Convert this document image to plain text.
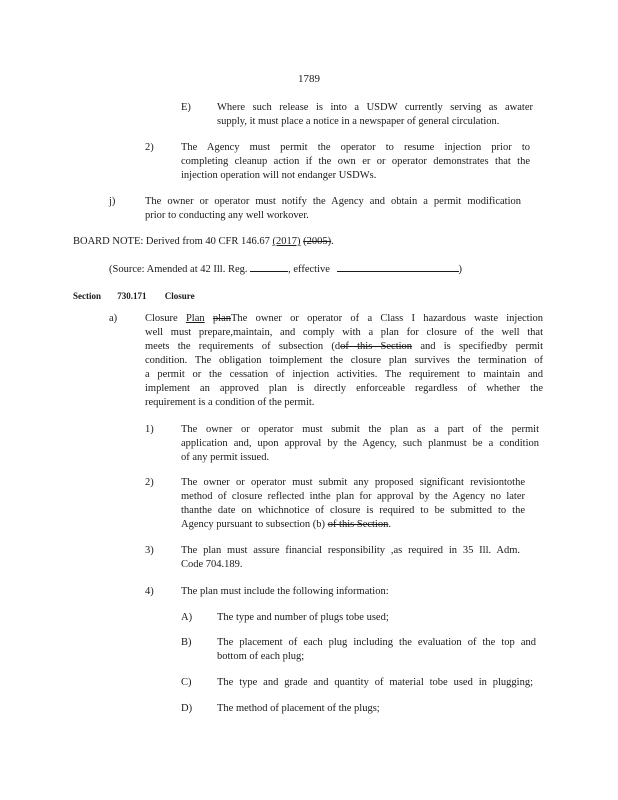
1789
E) Where such release is into a USDW currently serving as awater
supply, it must place a notice in a newspaper of general circulation.
2)	The Agency must permit the operator to resume injection prior to
completing cleanup action if the own er or operator demonstrates that the
injection operation will not endanger USDWs.
j)	The owner or operator must notify the Agency and obtain a permit modification
prior to conducting any well workover.
BOARD NOTE: Derived from 40 CFR 146.67 (2017) (2005).
(Source: Amended at 42 Ill. Reg.	, effective	)
Section 730.171 Closure
a)	Closure Plan planThe owner or operator of a Class I hazardous waste injection
well must prepare,maintain, and comply with a plan for closure of the well that
meets the requirements of subsection (dof this Section and is specifiedby permit
condition. The obligation toimplement the closure plan survives the termination of
a permit or the cessation of injection activities. The requirement to maintain and
implement an approved plan is directly enforceable regardless of whether the
requirement is a condition of the permit.
1)	The owner or operator must submit the plan as a part of the permit
application and, upon approval by the Agency, such planmust be a condition
of any permit issued.
2)	The owner or operator must submit any proposed significant revisiontothe
method of closure reflected inthe plan for approval by the Agency no later
thanthe date on whichnotice of closure is required to be submitted to the
Agency pursuant to subsection (b) of this Section.
3)	The plan must assure financial responsibility ,as required in 35 Ill. Adm.
Code 704.189.
4)	The plan must include the following information:
A) The type and number of plugs tobe used;
B) The placement of each plug including the evaluation of the top and
bottom of each plug;
C) The type and grade and quantity of material tobe used in plugging;
D) The method of placement of the plugs;
